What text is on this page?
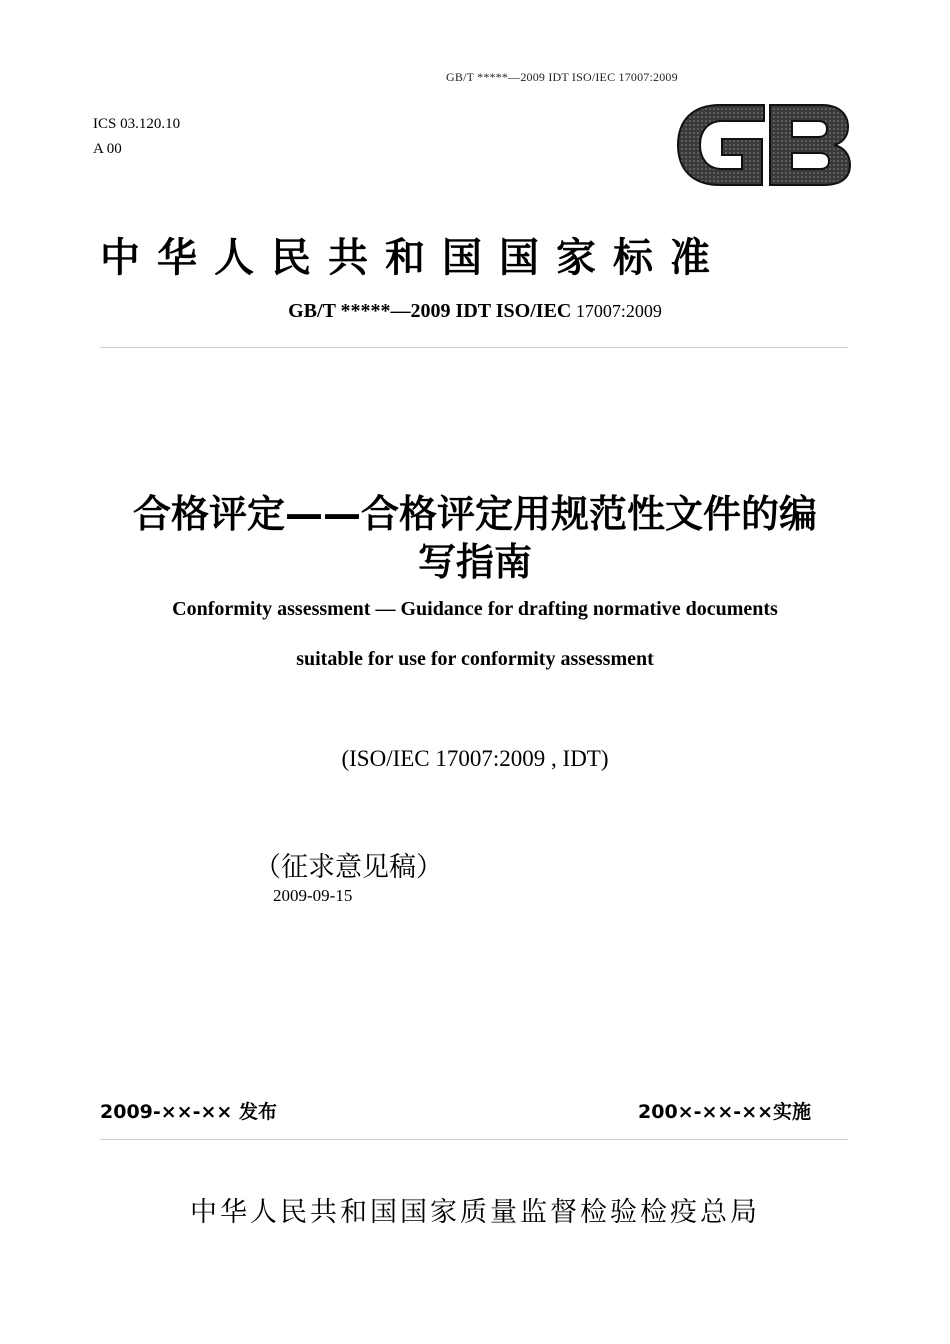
GB/T *****—2009 IDT ISO/IEC 17007:2009
ICS 03.120.10
A 00
中华人民共和国国家标准
GB/T *****—2009 IDT ISO/IEC 17007:2009
合格评定——合格评定用规范性文件的编
写指南
Conformity assessment — Guidance for drafting normative documents
suitable for use for conformity assessment
(ISO/IEC 17007:2009 , IDT)
（征求意见稿）
2009-09-15
2009-××-×× 发布	200×-××-××实施
中华人民共和国国家质量监督检验检疫总局
